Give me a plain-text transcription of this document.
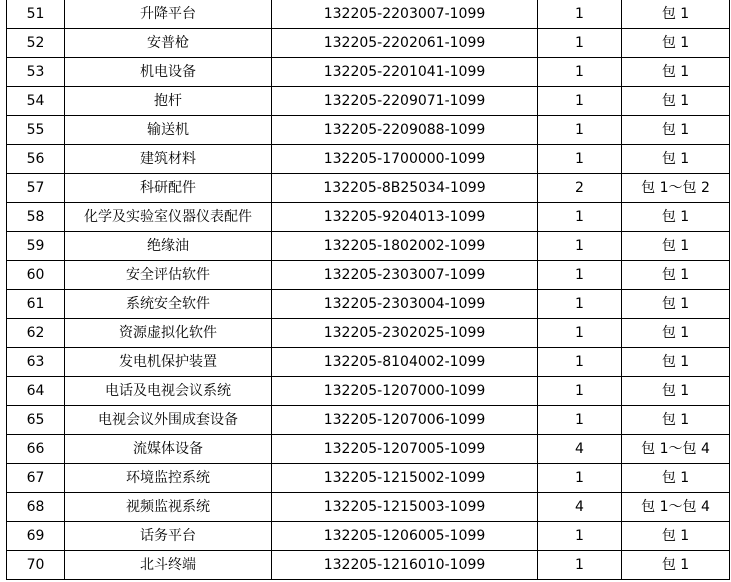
51	升降平台	132205-2203007-1099	1	包 1
52	安普枪	132205-2202061-1099	1	包 1
53	机电设备	132205-2201041-1099	1	包 1
54	抱杆	132205-2209071-1099	1	包 1
55	输送机	132205-2209088-1099	1	包 1
56	建筑材料	132205-1700000-1099	1	包 1
57	科研配件	132205-8B25034-1099	2	包 1～包 2
58	化学及实验室仪器仪表配件	132205-9204013-1099	1	包 1
59	绝缘油	132205-1802002-1099	1	包 1
60	安全评估软件	132205-2303007-1099	1	包 1
61	系统安全软件	132205-2303004-1099	1	包 1
62	资源虚拟化软件	132205-2302025-1099	1	包 1
63	发电机保护装置	132205-8104002-1099	1	包 1
64	电话及电视会议系统	132205-1207000-1099	1	包 1
65	电视会议外围成套设备	132205-1207006-1099	1	包 1
66	流媒体设备	132205-1207005-1099	4	包 1～包 4
67	环境监控系统	132205-1215002-1099	1	包 1
68	视频监视系统	132205-1215003-1099	4	包 1～包 4
69	话务平台	132205-1206005-1099	1	包 1
70	北斗终端	132205-1216010-1099	1	包 1
